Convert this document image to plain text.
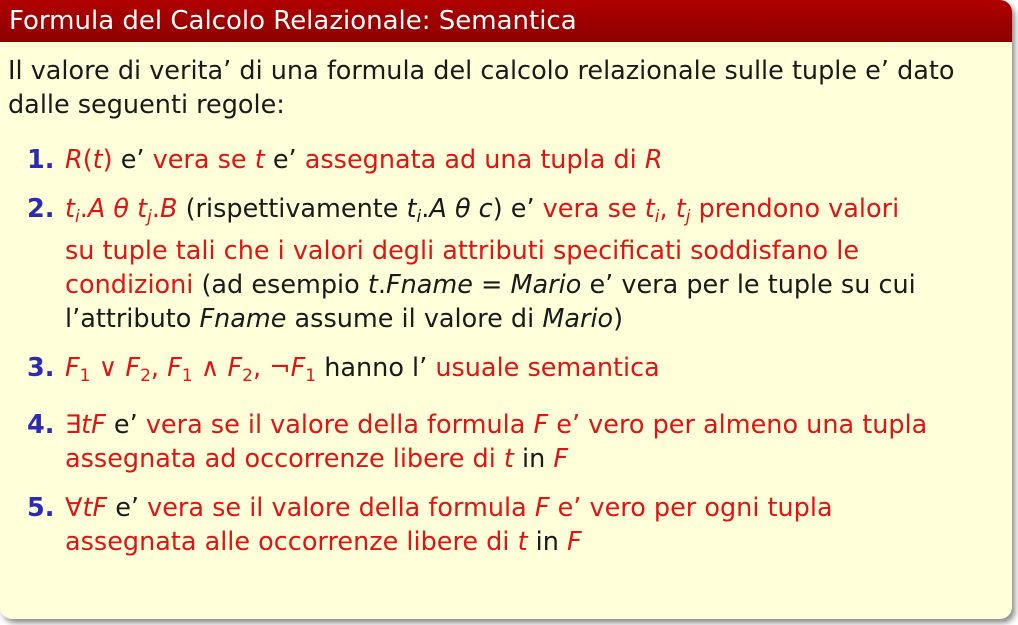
Formula del Calcolo Relazionale: Semantica

Il valore di verita’ di una formula del calcolo relazionale sulle tuple e’ dato
dalle seguenti regole:

1. R(t) e’ vera se t e’ assegnata ad una tupla di R
2. $t_i.A$ θ $t_j.B$ (rispettivamente $t_i.A$ θ c) e’ vera se $t_i$, $t_j$ prendono valori
su tuple tali che i valori degli attributi specificati soddisfano le
condizioni (ad esempio t.Fname = Mario e’ vera per le tuple su cui
l’attributo Fname assume il valore di Mario)
3. F1 ∨ F2, F1 ∧ F2, ¬F1 hanno l’ usuale semantica
4. ∃tF e’ vera se il valore della formula F e’ vero per almeno una tupla
assegnata ad occorrenze libere di t in F
5. ∀tF e’ vera se il valore della formula F e’ vero per ogni tupla
assegnata alle occorrenze libere di t in F
